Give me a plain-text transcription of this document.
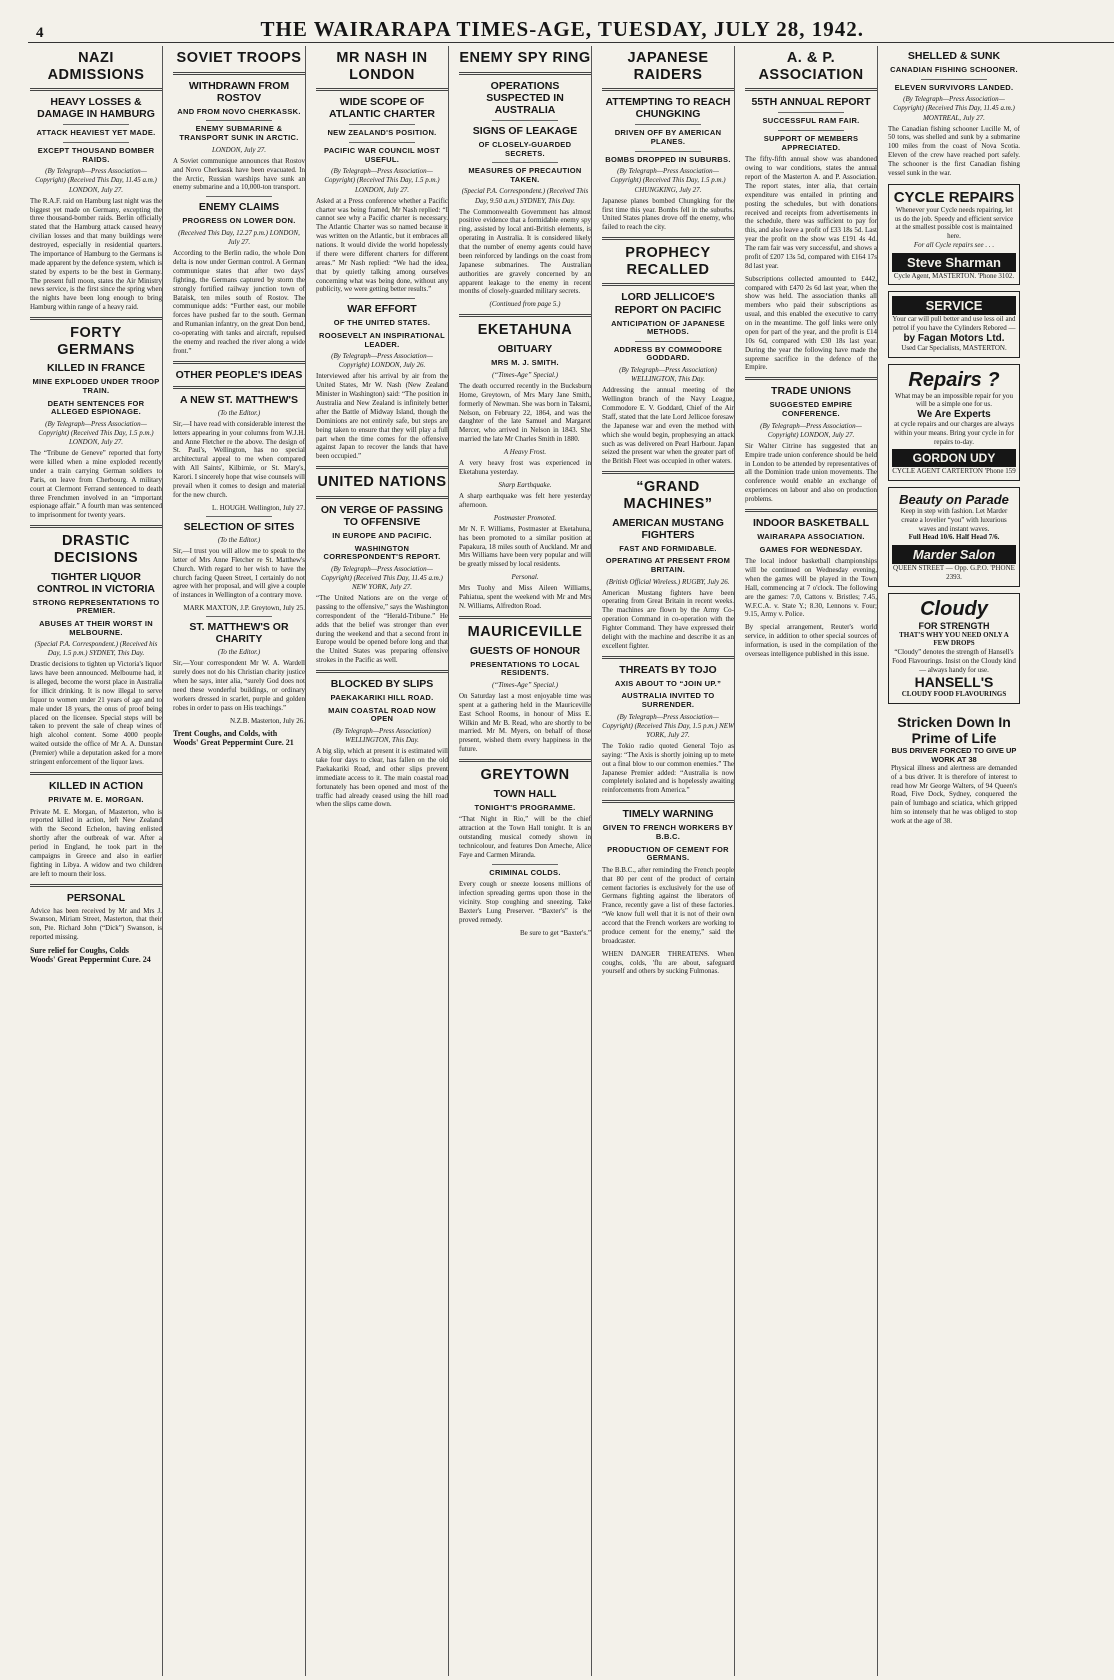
4	THE WAIRARAPA TIMES-AGE, TUESDAY, JULY 28, 1942.
NAZI ADMISSIONS
HEAVY LOSSES & DAMAGE IN HAMBURG
ATTACK HEAVIEST YET MADE.
EXCEPT THOUSAND BOMBER RAIDS.
(By Telegraph—Press Association—Copyright) (Received This Day, 11.45 a.m.) LONDON, July 27.
The R.A.F. raid on Hamburg last night was the biggest yet made on Germany, excepting the three thousand-bomber raids. Berlin officially stated that the Hamburg attack caused heavy civilian losses and that many buildings were destroyed, especially in residential quarters. The importance of Hamburg to the Germans is made apparent by the defence system, which is stated by experts to be the best in Germany. The present full moon, states the Air Ministry news service, is the first since the spring when the nights have been long enough to bring Hamburg within range of a heavy raid.
FORTY GERMANS
KILLED IN FRANCE
MINE EXPLODED UNDER TROOP TRAIN.
DEATH SENTENCES FOR ALLEGED ESPIONAGE.
(By Telegraph—Press Association—Copyright) (Received This Day, 1.5 p.m.) LONDON, July 27.
The “Tribune de Geneve” reported that forty were killed when a mine exploded recently under a train carrying German soldiers to Paris, on leave from Cherbourg. A military court at Clermont Ferrand sentenced to death three Frenchmen involved in an “important espionage affair.” A fourth man was sentenced to imprisonment for twenty years.
DRASTIC DECISIONS
TIGHTER LIQUOR CONTROL IN VICTORIA
STRONG REPRESENTATIONS TO PREMIER.
ABUSES AT THEIR WORST IN MELBOURNE.
(Special P.A. Correspondent.) (Received his Day, 1.5 p.m.) SYDNEY, This Day.
Drastic decisions to tighten up Victoria's liquor laws have been announced. Melbourne had, it is alleged, become the worst place in Australia for illicit drinking. It is now illegal to serve liquor to women under 21 years of age and to male under 18 years, the onus of proof being placed on the licensee. Special steps will be taken to prevent the sale of cheap wines of high alcohol content. Some 4000 people waited outside the office of Mr A. A. Dunstan (Premier) while a deputation asked for a more stringent enforcement of the liquor laws.
KILLED IN ACTION
PRIVATE M. E. MORGAN.
Private M. E. Morgan, of Masterton, who is reported killed in action, left New Zealand with the Second Echelon, having enlisted shortly after the outbreak of war. After a period in England, he took part in the campaigns in Greece and also in earlier fighting in Libya. A widow and two children are left to mourn their loss.
PERSONAL
Advice has been received by Mr and Mrs J. Swanson, Miriam Street, Masterton, that their son, Pte. Richard John (“Dick”) Swanson, is reported missing.
Sure relief for Coughs, Colds Woods' Great Peppermint Cure. 24
SOVIET TROOPS
WITHDRAWN FROM ROSTOV
AND FROM NOVO CHERKASSK.
ENEMY SUBMARINE & TRANSPORT SUNK IN ARCTIC.
LONDON, July 27.
A Soviet communique announces that Rostov and Novo Cherkassk have been evacuated. In the Arctic, Russian warships have sunk an enemy submarine and a 10,000-ton transport.
ENEMY CLAIMS
PROGRESS ON LOWER DON.
(Received This Day, 12.27 p.m.) LONDON, July 27.
According to the Berlin radio, the whole Don delta is now under German control. A German communique states that after two days' fighting, the Germans captured by storm the strongly fortified railway junction town of Bataisk, ten miles south of Rostov. The communique adds: “Further east, our mobile forces have pushed far to the south. German and Rumanian infantry, on the great Don bend, co-operating with tanks and aircraft, repulsed the enemy and reached the river along a wide front.”
OTHER PEOPLE'S IDEAS
A NEW ST. MATTHEW'S
(To the Editor.)
Sir,—I have read with considerable interest the letters appearing in your columns from W.J.H. and Anne Fletcher re the above. The design of St. Paul's, Wellington, has no special architectural appeal to me when compared with All Saints', Kilbirnie, or St. Mary's, Karori. I sincerely hope that wise counsels will prevail when it comes to design and material for the new church.
L. HOUGH. Wellington, July 27.
SELECTION OF SITES
(To the Editor.)
Sir,—I trust you will allow me to speak to the letter of Mrs Anne Fletcher re St. Matthew's Church. With regard to her wish to have the church facing Queen Street, I certainly do not agree with her proposal, and will give a couple of instances in Wellington of a contrary move.
MARK MAXTON, J.P. Greytown, July 25.
ST. MATTHEW'S OR CHARITY
(To the Editor.)
Sir,—Your correspondent Mr W. A. Wardell surely does not do his Christian charity justice when he says, inter alia, “surely God does not need these wonderful buildings, or ordinary workers dressed in scarlet, purple and golden robes in order to pass on His teachings.”
N.Z.B. Masterton, July 26.
Trent Coughs, and Colds, with Woods' Great Peppermint Cure. 21
MR NASH IN LONDON
WIDE SCOPE OF ATLANTIC CHARTER
NEW ZEALAND'S POSITION.
PACIFIC WAR COUNCIL MOST USEFUL.
(By Telegraph—Press Association—Copyright) (Received This Day, 1.5 p.m.) LONDON, July 27.
Asked at a Press conference whether a Pacific charter was being framed, Mr Nash replied: “I cannot see why a Pacific charter is necessary. The Atlantic Charter was so named because it was written on the Atlantic, but it embraces all nations. It would divide the world hopelessly if there were different charters for different areas.” Mr Nash replied: “We had the idea, that by quietly talking among ourselves concerning what was being done, without any publicity, we were getting better results.”
WAR EFFORT
OF THE UNITED STATES.
ROOSEVELT AN INSPIRATIONAL LEADER.
(By Telegraph—Press Association—Copyright) LONDON, July 26.
Interviewed after his arrival by air from the United States, Mr W. Nash (New Zealand Minister in Washington) said: “The position in Australia and New Zealand is infinitely better after the Battle of Midway Island, though the Dominions are not entirely safe, but steps are being taken to ensure that they will play a full part when the time comes for the offensive against Japan to recover the lands that have been occupied.”
UNITED NATIONS
ON VERGE OF PASSING TO OFFENSIVE
IN EUROPE AND PACIFIC.
WASHINGTON CORRESPONDENT'S REPORT.
(By Telegraph—Press Association—Copyright) (Received This Day, 11.45 a.m.) NEW YORK, July 27.
“The United Nations are on the verge of passing to the offensive,” says the Washington correspondent of the “Herald-Tribune.” He adds that the belief was stronger than ever during the weekend and that a second front in Europe would be opened before long and that the United States was preparing offensive strokes in the Pacific as well.
BLOCKED BY SLIPS
PAEKAKARIKI HILL ROAD.
MAIN COASTAL ROAD NOW OPEN
(By Telegraph—Press Association) WELLINGTON, This Day.
A big slip, which at present it is estimated will take four days to clear, has fallen on the old Paekakariki Road, and other slips prevent immediate access to it. The main coastal road fortunately has been opened and most of the traffic had already ceased using the hill road when the slips came down.
ENEMY SPY RING
OPERATIONS SUSPECTED IN AUSTRALIA
SIGNS OF LEAKAGE
OF CLOSELY-GUARDED SECRETS.
MEASURES OF PRECAUTION TAKEN.
(Special P.A. Correspondent.) (Received This Day, 9.50 a.m.) SYDNEY, This Day.
The Commonwealth Government has almost positive evidence that a formidable enemy spy ring, assisted by local anti-British elements, is operating in Australia. It is considered likely that the number of enemy agents could have been reinforced by landings on the coast from Japanese submarines. The Australian authorities are gravely concerned by an apparent leakage to the enemy in recent months of closely-guarded military secrets.
(Continued from page 5.)
EKETAHUNA
OBITUARY
MRS M. J. SMITH.
(“Times-Age” Special.)
The death occurred recently in the Bucksburn Home, Greytown, of Mrs Mary Jane Smith, formerly of Newman. She was born in Taksmi, Nelson, on February 22, 1864, and was the daughter of the late Samuel and Margaret Mercer, who arrived in Nelson in 1843. She married the late Mr Charles Smith in 1880.
A Heavy Frost.
A very heavy frost was experienced in Eketahuna yesterday.
Sharp Earthquake.
A sharp earthquake was felt here yesterday afternoon.
Postmaster Promoted.
Mr N. F. Williams, Postmaster at Eketahuna, has been promoted to a similar position at Papakura, 18 miles south of Auckland. Mr and Mrs Williams have been very popular and will be greatly missed by local residents.
Personal.
Mrs Tuohy and Miss Aileen Williams, Pahiatua, spent the weekend with Mr and Mrs N. Williams, Alfredton Road.
MAURICEVILLE
GUESTS OF HONOUR
PRESENTATIONS TO LOCAL RESIDENTS.
(“Times-Age” Special.)
On Saturday last a most enjoyable time was spent at a gathering held in the Mauriceville East School Rooms, in honour of Miss E. Wilkin and Mr B. Read, who are shortly to be married. Mr M. Myers, on behalf of those present, wished them every happiness in the future.
GREYTOWN
TOWN HALL
TONIGHT'S PROGRAMME.
“That Night in Rio,” will be the chief attraction at the Town Hall tonight. It is an outstanding musical comedy shown in technicolour, and features Don Ameche, Alice Faye and Carmen Miranda.
CRIMINAL COLDS.
Every cough or sneeze loosens millions of infection spreading germs upon those in the vicinity. Stop coughing and sneezing. Take Baxter's Lung Preserver. “Baxter's” is the proved remedy.
Be sure to get “Baxter's.”
JAPANESE RAIDERS
ATTEMPTING TO REACH CHUNGKING
DRIVEN OFF BY AMERICAN PLANES.
BOMBS DROPPED IN SUBURBS.
(By Telegraph—Press Association—Copyright) (Received This Day, 1.5 p.m.) CHUNGKING, July 27.
Japanese planes bombed Chungking for the first time this year. Bombs fell in the suburbs. United States planes drove off the enemy, who failed to reach the city.
PROPHECY RECALLED
LORD JELLICOE'S REPORT ON PACIFIC
ANTICIPATION OF JAPANESE METHODS.
ADDRESS BY COMMODORE GODDARD.
(By Telegraph—Press Association) WELLINGTON, This Day.
Addressing the annual meeting of the Wellington branch of the Navy League, Commodore E. V. Goddard, Chief of the Air Staff, stated that the late Lord Jellicoe foresaw the Japanese war and even the method with which she would begin, prophesying an attack such as was delivered on Pearl Harbour. Japan seized the present war when the greater part of the British Fleet was occupied in other waters.
“GRAND MACHINES”
AMERICAN MUSTANG FIGHTERS
FAST AND FORMIDABLE.
OPERATING AT PRESENT FROM BRITAIN.
(British Official Wireless.) RUGBY, July 26.
American Mustang fighters have been operating from Great Britain in recent weeks. The machines are flown by the Army Co-operation Command in co-operation with the Fighter Command. They have expressed their delight with the machine and describe it as an excellent fighter.
THREATS BY TOJO
AXIS ABOUT TO “JOIN UP.”
AUSTRALIA INVITED TO SURRENDER.
(By Telegraph—Press Association—Copyright) (Received This Day, 1.5 p.m.) NEW YORK, July 27.
The Tokio radio quoted General Tojo as saying: “The Axis is shortly joining up to mete out a final blow to our common enemies.” The Japanese Premier added: “Australia is now completely isolated and is hopelessly awaiting reinforcements from America.”
TIMELY WARNING
GIVEN TO FRENCH WORKERS BY B.B.C.
PRODUCTION OF CEMENT FOR GERMANS.
The B.B.C., after reminding the French people that 80 per cent of the product of certain cement factories is exclusively for the use of Germans fighting against the liberators of France, recently gave a list of these factories. “We know full well that it is not of their own accord that the French workers are working to produce cement for the enemy,” said the broadcaster.
WHEN DANGER THREATENS. When coughs, colds, 'flu are about, safeguard yourself and others by sucking Fulmonas.
A. & P. ASSOCIATION
55TH ANNUAL REPORT
SUCCESSFUL RAM FAIR.
SUPPORT OF MEMBERS APPRECIATED.
The fifty-fifth annual show was abandoned owing to war conditions, states the annual report of the Masterton A. and P. Association. The report states, inter alia, that certain expenditure was entailed in printing and posting the schedules, but with donations received and receipts from advertisements in the schedule, there was sufficient to pay for this, and also leave a profit of £33 18s 5d. Last year the profit on the show was £191 4s 4d. The ram fair was very successful, and shows a profit of £207 13s 5d, compared with £164 17s 8d last year.
Subscriptions collected amounted to £442, compared with £470 2s 6d last year, when the show was held. The association thanks all members who paid their subscriptions as usual, and this enabled the executive to carry on in the meantime. The golf links were only open for part of the year, and the profit is £14 10s 6d, compared with £30 18s last year. During the year the following have made the supreme sacrifice in the defence of the Empire.
TRADE UNIONS
SUGGESTED EMPIRE CONFERENCE.
(By Telegraph—Press Association—Copyright) LONDON, July 27.
Sir Walter Citrine has suggested that an Empire trade union conference should be held in London to be attended by representatives of all the Dominion trade union movements. The conference would enable an exchange of experiences on labour and also on production problems.
INDOOR BASKETBALL
WAIRARAPA ASSOCIATION.
GAMES FOR WEDNESDAY.
The local indoor basketball championships will be continued on Wednesday evening, when the games will be played in the Town Hall, commencing at 7 o'clock. The following are the games: 7.0, Cattons v. Bristles; 7.45, W.F.C.A. v. State Y.; 8.30, Lennons v. Four; 9.15, Army v. Police.
By special arrangement, Reuter's world service, in addition to other special sources of information, is used in the compilation of the overseas intelligence published in this issue.
SHELLED & SUNK
CANADIAN FISHING SCHOONER.
ELEVEN SURVIVORS LANDED.
(By Telegraph—Press Association—Copyright) (Received This Day, 11.45 a.m.) MONTREAL, July 27.
The Canadian fishing schooner Lucille M, of 50 tons, was shelled and sunk by a submarine 100 miles from the coast of Nova Scotia. Eleven of the crew have reached port safely. The schooner is the first Canadian fishing vessel sunk in the war.
CYCLE REPAIRS
Whenever your Cycle needs repairing, let us do the job. Speedy and efficient service at the smallest possible cost is maintained here.
For all Cycle repairs see . . .
Steve Sharman
Cycle Agent, MASTERTON. 'Phone 3102.
SERVICE
Your car will pull better and use less oil and petrol if you have the Cylinders Rebored —
by Fagan Motors Ltd.
Used Car Specialists, MASTERTON.
Repairs ?
What may be an impossible repair for you will be a simple one for us.
We Are Experts
at cycle repairs and our charges are always within your means. Bring your cycle in for repairs to-day.
GORDON UDY
CYCLE AGENT CARTERTON 'Phone 159
Beauty on Parade
Keep in step with fashion. Let Marder create a lovelier “you” with luxurious waves and instant waves.
Full Head 10/6. Half Head 7/6.
Marder Salon
QUEEN STREET — Opp. G.P.O. 'PHONE 2393.
Cloudy
FOR STRENGTH
THAT'S WHY YOU NEED ONLY A FEW DROPS
“Cloudy” denotes the strength of Hansell's Food Flavourings. Insist on the Cloudy kind — always handy for use.
HANSELL'S
CLOUDY FOOD FLAVOURINGS
Stricken Down In Prime of Life
BUS DRIVER FORCED TO GIVE UP WORK AT 38
Physical illness and alertness are demanded of a bus driver. It is therefore of interest to read how Mr George Walters, of 94 Queen's Road, Five Dock, Sydney, conquered the pain of lumbago and sciatica, which gripped him so intensely that he was obliged to stop work at the age of 38.
